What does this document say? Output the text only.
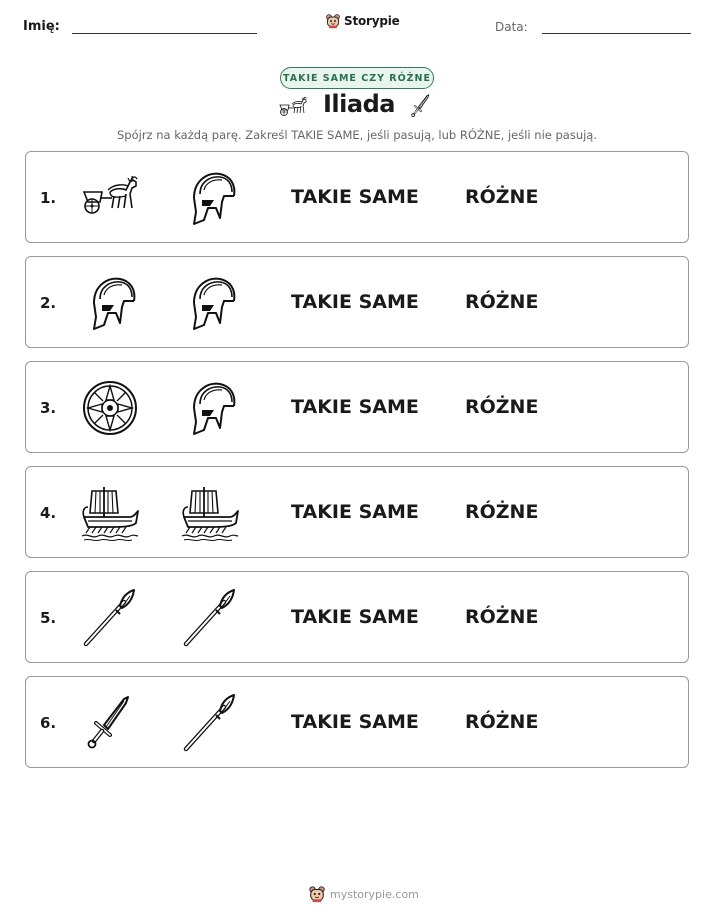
Imię:	Storypie	Data:
TAKIE SAME CZY RÓŻNE
Iliada
Spójrz na każdą parę. Zakreśl TAKIE SAME, jeśli pasują, lub RÓŻNE, jeśli nie pasują.
1.	TAKIE SAME RÓŻNE
2.	TAKIE SAME RÓŻNE
3.	TAKIE SAME RÓŻNE
4.	TAKIE SAME RÓŻNE
5.	TAKIE SAME RÓŻNE
6.	TAKIE SAME RÓŻNE
mystorypie.com
